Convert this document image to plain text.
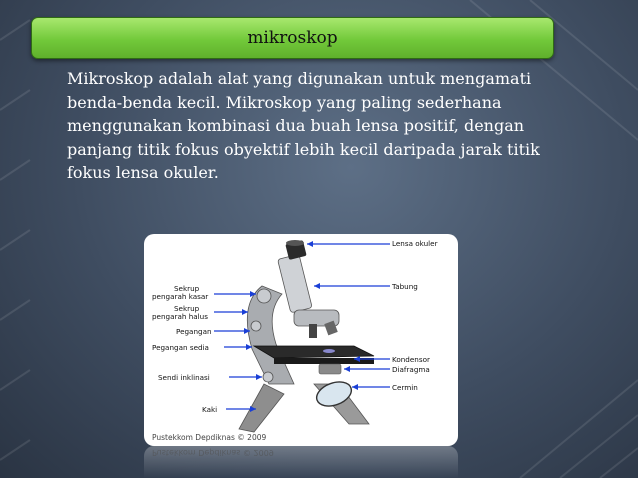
mikroskop

Mikroskop adalah alat yang digunakan untuk mengamati benda-benda kecil. Mikroskop yang paling sederhana menggunakan kombinasi dua buah lensa positif, dengan panjang titik fokus obyektif lebih kecil daripada jarak titik fokus lensa okuler.

Lensa okuler
Tabung
Sekrup
pengarah kasar
Sekrup
pengarah halus
Pegangan
Pegangan sedia
Kondensor
Diafragma
Sendi inklinasi
Cermin
Kaki
Pustekkom Depdiknas © 2009
Pustekkom Depdiknas © 2009
